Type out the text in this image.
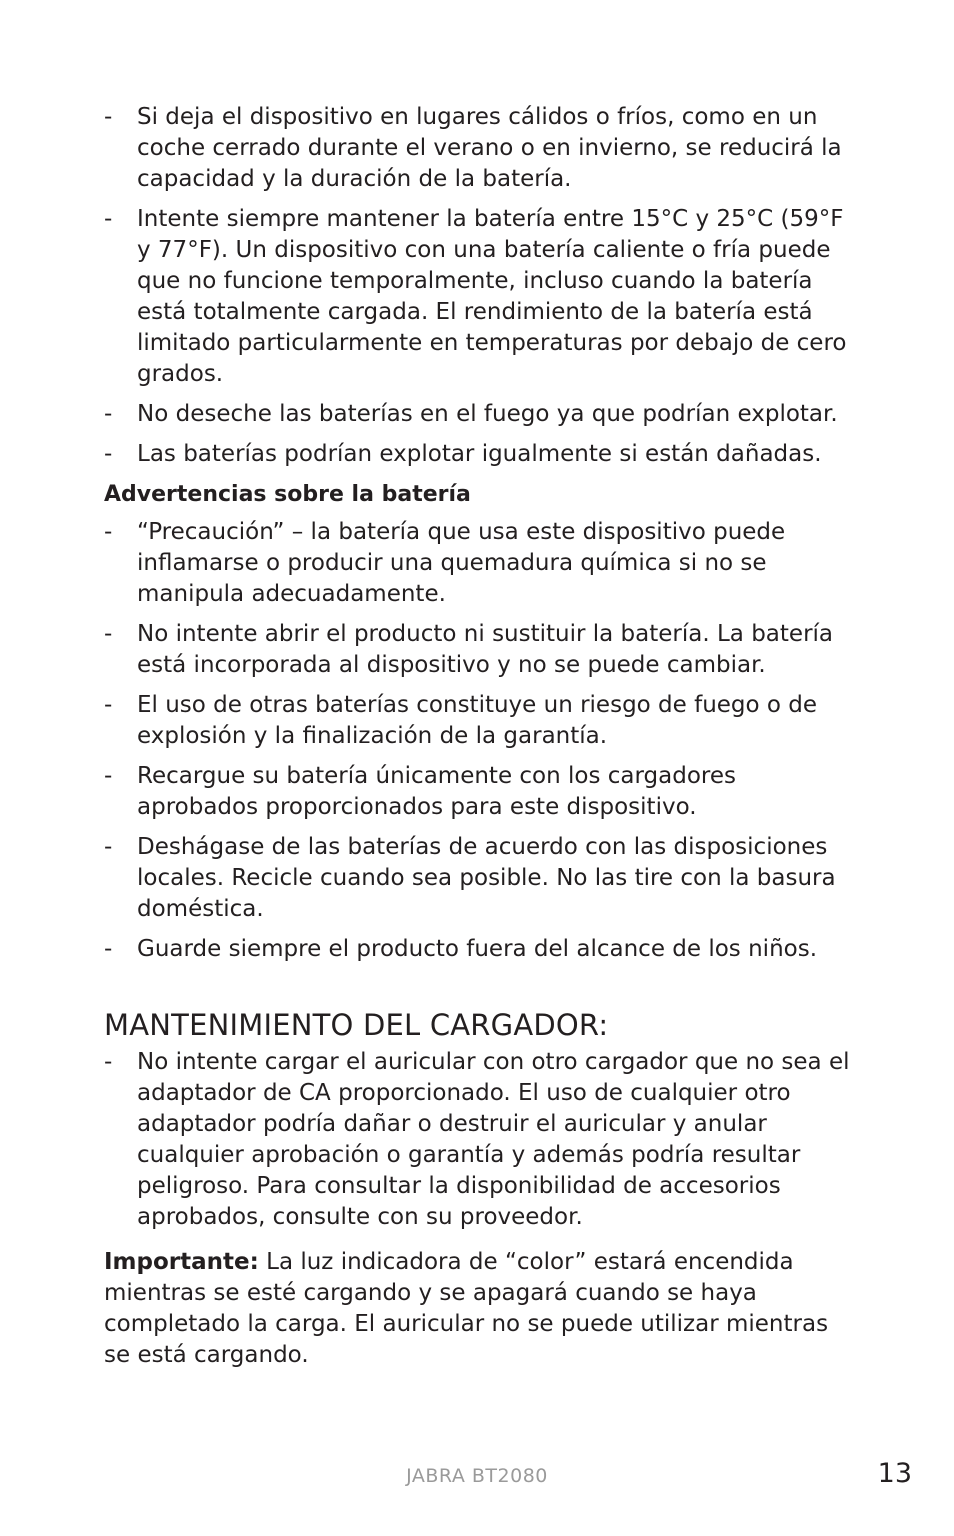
- Si deja el dispositivo en lugares cálidos o fríos, como en un coche cerrado durante el verano o en invierno, se reducirá la capacidad y la duración de la batería.
- Intente siempre mantener la batería entre 15°C y 25°C (59°F y 77°F). Un dispositivo con una batería caliente o fría puede que no funcione temporalmente, incluso cuando la batería está totalmente cargada. El rendimiento de la batería está limitado particularmente en temperaturas por debajo de cero grados.
- No deseche las baterías en el fuego ya que podrían explotar.
- Las baterías podrían explotar igualmente si están dañadas.
Advertencias sobre la batería
- “Precaución” – la batería que usa este dispositivo puede inflamarse o producir una quemadura química si no se manipula adecuadamente.
- No intente abrir el producto ni sustituir la batería. La batería está incorporada al dispositivo y no se puede cambiar.
- El uso de otras baterías constituye un riesgo de fuego o de explosión y la finalización de la garantía.
- Recargue su batería únicamente con los cargadores aprobados proporcionados para este dispositivo.
- Deshágase de las baterías de acuerdo con las disposiciones locales. Recicle cuando sea posible. No las tire con la basura doméstica.
- Guarde siempre el producto fuera del alcance de los niños.
MANTENIMIENTO DEL CARGADOR:
- No intente cargar el auricular con otro cargador que no sea el adaptador de CA proporcionado. El uso de cualquier otro adaptador podría dañar o destruir el auricular y anular cualquier aprobación o garantía y además podría resultar peligroso. Para consultar la disponibilidad de accesorios aprobados, consulte con su proveedor.

Importante: La luz indicadora de “color” estará encendida mientras se esté cargando y se apagará cuando se haya completado la carga. El auricular no se puede utilizar mientras se está cargando.

JABRA BT2080	13
